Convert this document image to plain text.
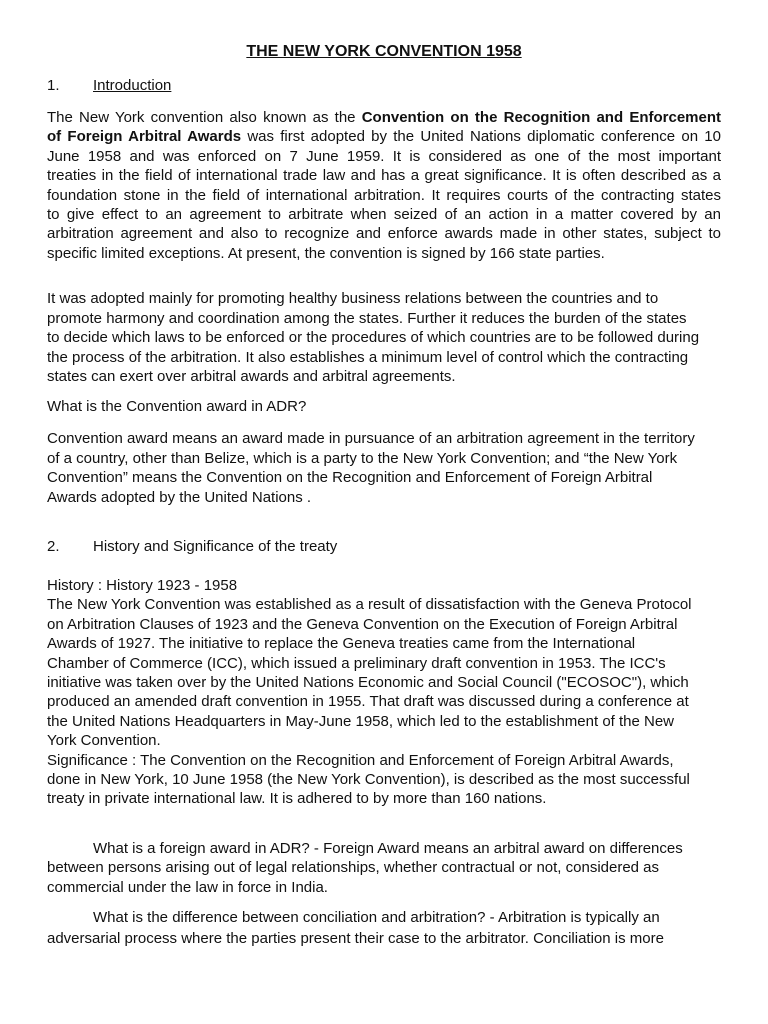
THE NEW YORK CONVENTION 1958
1. Introduction
The New York convention also known as the Convention on the Recognition and Enforcement
of Foreign Arbitral Awards was first adopted by the United Nations diplomatic conference on 10
June 1958 and was enforced on 7 June 1959. It is considered as one of the most important
treaties in the field of international trade law and has a great significance. It is often described as a
foundation stone in the field of international arbitration. It requires courts of the contracting states
to give effect to an agreement to arbitrate when seized of an action in a matter covered by an
arbitration agreement and also to recognize and enforce awards made in other states, subject to
specific limited exceptions. At present, the convention is signed by 166 state parties.
It was adopted mainly for promoting healthy business relations between the countries and to
promote harmony and coordination among the states. Further it reduces the burden of the states
to decide which laws to be enforced or the procedures of which countries are to be followed during
the process of the arbitration. It also establishes a minimum level of control which the contracting
states can exert over arbitral awards and arbitral agreements.
What is the Convention award in ADR?
Convention award means an award made in pursuance of an arbitration agreement in the territory
of a country, other than Belize, which is a party to the New York Convention; and “the New York
Convention” means the Convention on the Recognition and Enforcement of Foreign Arbitral
Awards adopted by the United Nations .
2. History and Significance of the treaty
History : History 1923 - 1958
The New York Convention was established as a result of dissatisfaction with the Geneva Protocol
on Arbitration Clauses of 1923 and the Geneva Convention on the Execution of Foreign Arbitral
Awards of 1927. The initiative to replace the Geneva treaties came from the International
Chamber of Commerce (ICC), which issued a preliminary draft convention in 1953. The ICC's
initiative was taken over by the United Nations Economic and Social Council ("ECOSOC"), which
produced an amended draft convention in 1955. That draft was discussed during a conference at
the United Nations Headquarters in May-June 1958, which led to the establishment of the New
York Convention.
Significance : The Convention on the Recognition and Enforcement of Foreign Arbitral Awards,
done in New York, 10 June 1958 (the New York Convention), is described as the most successful
treaty in private international law. It is adhered to by more than 160 nations.
What is a foreign award in ADR? - Foreign Award means an arbitral award on differences
between persons arising out of legal relationships, whether contractual or not, considered as
commercial under the law in force in India.
What is the difference between conciliation and arbitration? - Arbitration is typically an
adversarial process where the parties present their case to the arbitrator. Conciliation is more
